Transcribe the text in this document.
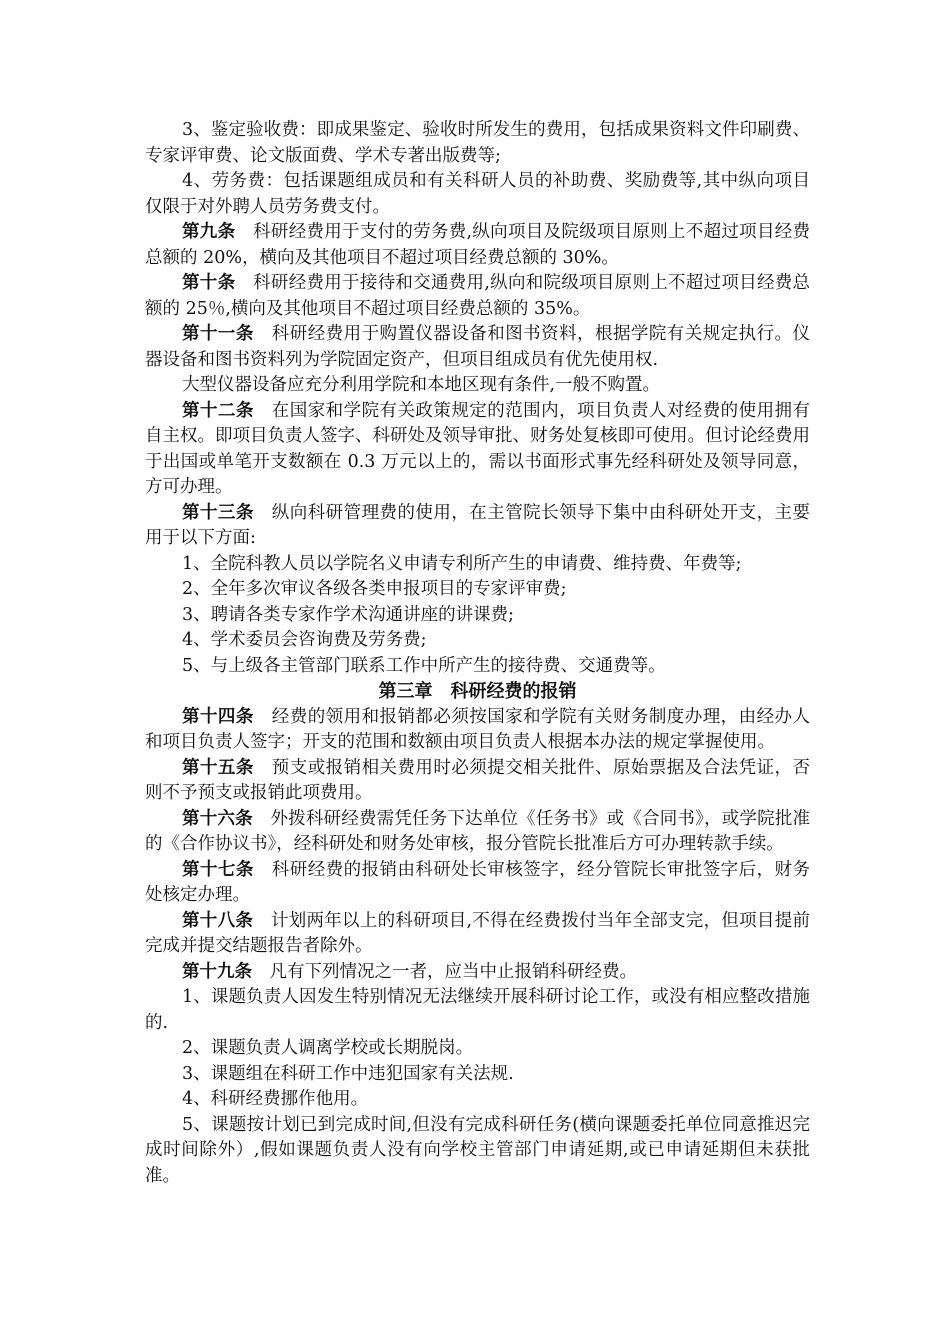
3、鉴定验收费：即成果鉴定、验收时所发生的费用，包括成果资料文件印刷费、专家评审费、论文版面费、学术专著出版费等;

4、劳务费：包括课题组成员和有关科研人员的补助费、奖励费等,其中纵向项目仅限于对外聘人员劳务费支付。

第九条　科研经费用于支付的劳务费,纵向项目及院级项目原则上不超过项目经费总额的 20%，横向及其他项目不超过项目经费总额的 30%。

第十条　科研经费用于接待和交通费用,纵向和院级项目原则上不超过项目经费总额的 25％,横向及其他项目不超过项目经费总额的 35%。

第十一条　科研经费用于购置仪器设备和图书资料，根据学院有关规定执行。仪器设备和图书资料列为学院固定资产，但项目组成员有优先使用权.

大型仪器设备应充分利用学院和本地区现有条件,一般不购置。

第十二条　在国家和学院有关政策规定的范围内，项目负责人对经费的使用拥有自主权。即项目负责人签字、科研处及领导审批、财务处复核即可使用。但讨论经费用于出国或单笔开支数额在 0.3 万元以上的，需以书面形式事先经科研处及领导同意，方可办理。

第十三条　纵向科研管理费的使用，在主管院长领导下集中由科研处开支，主要用于以下方面:

1、全院科教人员以学院名义申请专利所产生的申请费、维持费、年费等;

2、全年多次审议各级各类申报项目的专家评审费;

3、聘请各类专家作学术沟通讲座的讲课费;

4、学术委员会咨询费及劳务费;

5、与上级各主管部门联系工作中所产生的接待费、交通费等。

第三章　科研经费的报销

第十四条　经费的领用和报销都必须按国家和学院有关财务制度办理，由经办人和项目负责人签字；开支的范围和数额由项目负责人根据本办法的规定掌握使用。

第十五条　预支或报销相关费用时必须提交相关批件、原始票据及合法凭证，否则不予预支或报销此项费用。

第十六条　外拨科研经费需凭任务下达单位《任务书》或《合同书》，或学院批准的《合作协议书》，经科研处和财务处审核，报分管院长批准后方可办理转款手续。

第十七条　科研经费的报销由科研处长审核签字，经分管院长审批签字后，财务处核定办理。

第十八条　计划两年以上的科研项目,不得在经费拨付当年全部支完，但项目提前完成并提交结题报告者除外。

第十九条　凡有下列情况之一者，应当中止报销科研经费。

1、课题负责人因发生特别情况无法继续开展科研讨论工作，或没有相应整改措施的.

2、课题负责人调离学校或长期脱岗。

3、课题组在科研工作中违犯国家有关法规.

4、科研经费挪作他用。

5、课题按计划已到完成时间,但没有完成科研任务(横向课题委托单位同意推迟完成时间除外）,假如课题负责人没有向学校主管部门申请延期,或已申请延期但未获批准。
